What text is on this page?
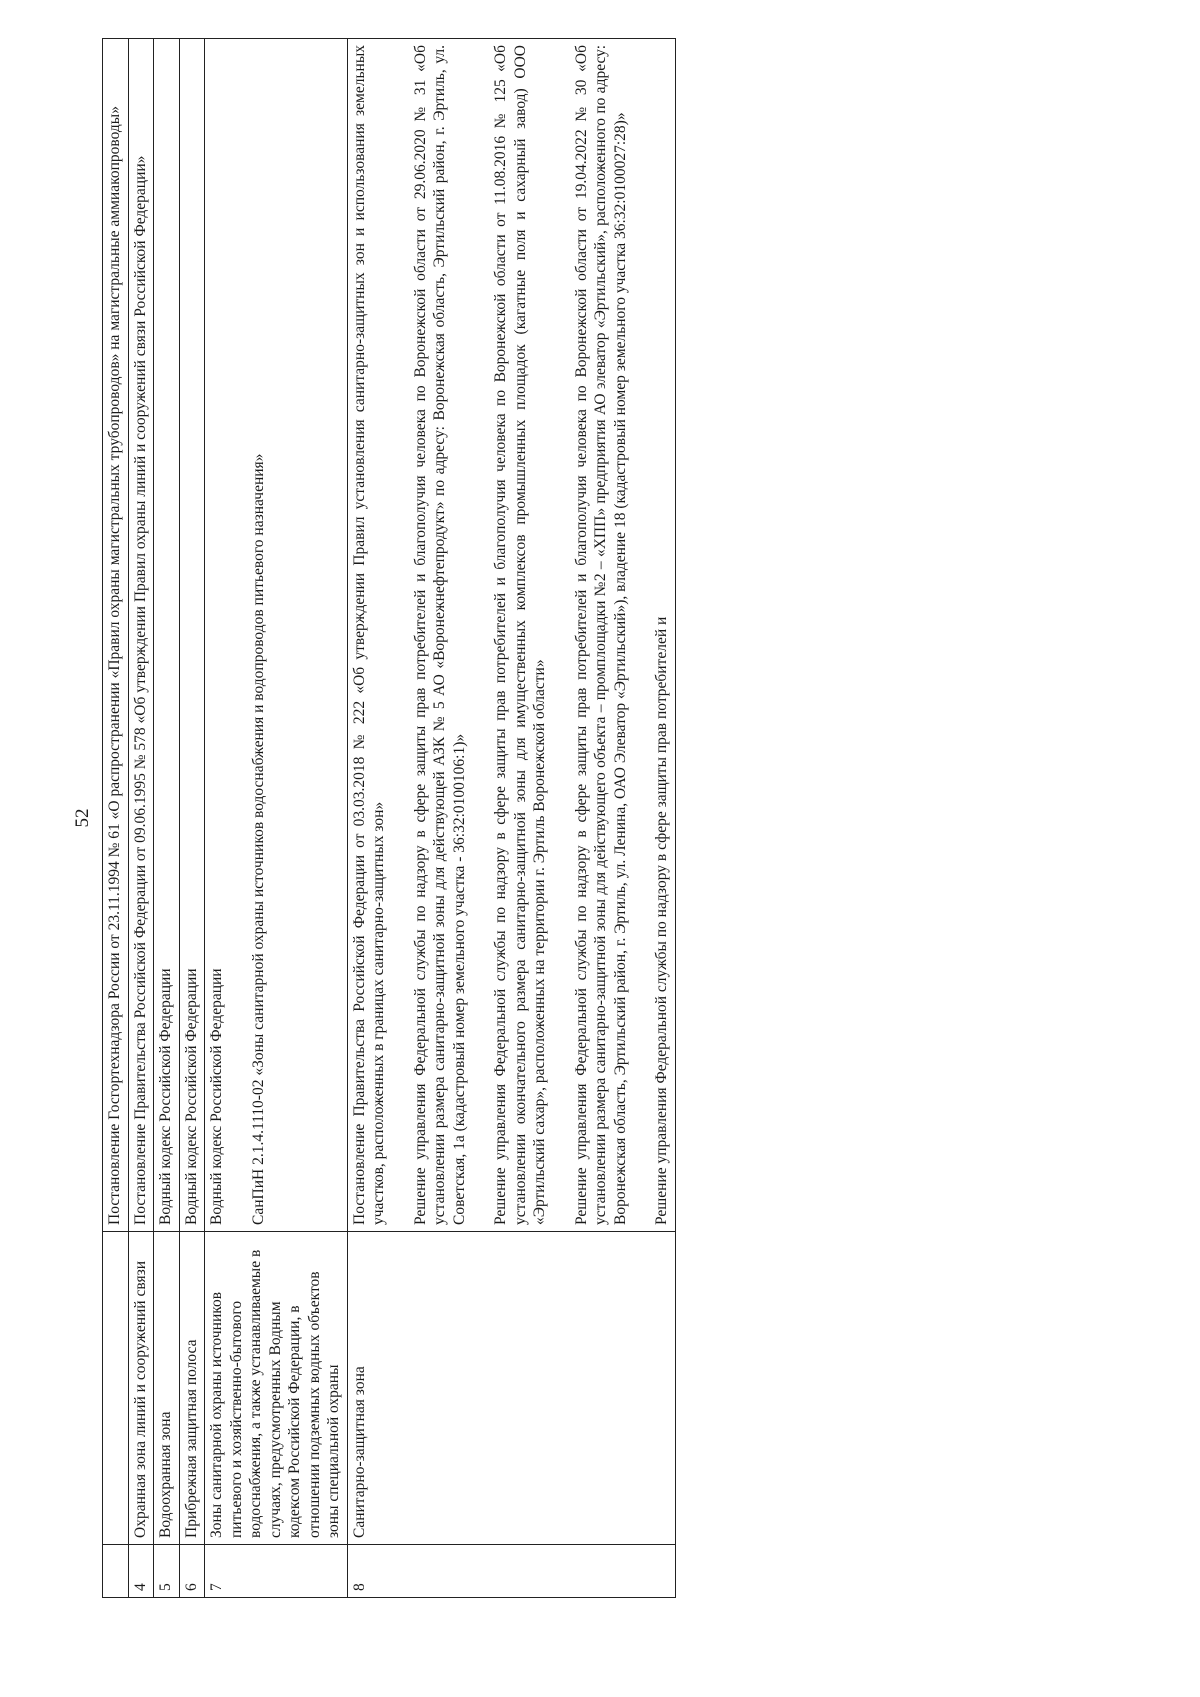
52

		Постановление Госгортехнадзора России от 23.11.1994 № 61 «О распространении «Правил охраны магистральных трубопроводов» на магистральные аммиакопроводы»

4	Охранная зона линий и сооружений связи	Постановление Правительства Российской Федерации от 09.06.1995 № 578 «Об утверждении Правил охраны линий и сооружений связи Российской Федерации»

5	Водоохранная зона	Водный кодекс Российской Федерации

6	Прибрежная защитная полоса	Водный кодекс Российской Федерации

7	Зоны санитарной охраны источников питьевого и хозяйственно-бытового водоснабжения, а также устанавливаемые в случаях, предусмотренных Водным кодексом Российской Федерации, в отношении подземных водных объектов зоны специальной охраны	Водный кодекс Российской Федерации СанПиН 2.1.4.1110-02 «Зоны санитарной охраны источников водоснабжения и водопроводов питьевого назначения»

8	Санитарно-защитная зона	Постановление Правительства Российской Федерации от 03.03.2018 № 222 «Об утверждении Правил установления санитарно-защитных зон и использования земельных участков, расположенных в границах санитарно-защитных зон» Решение управления Федеральной службы по надзору в сфере защиты прав потребителей и благополучия человека по Воронежской области от 29.06.2020 № 31 «Об установлении размера санитарно-защитной зоны для действующей АЗК № 5 АО «Воронежнефтепродукт» по адресу: Воронежская область, Эртильский район, г. Эртиль, ул. Советская, 1а (кадастровый номер земельного участка - 36:32:0100106:1)» Решение управления Федеральной службы по надзору в сфере защиты прав потребителей и благополучия человека по Воронежской области от 11.08.2016 № 125 «Об установлении окончательного размера санитарно-защитной зоны для имущественных комплексов промышленных площадок (кагатные поля и сахарный завод) ООО «Эртильский сахар», расположенных на территории г. Эртиль Воронежской области» Решение управления Федеральной службы по надзору в сфере защиты прав потребителей и благополучия человека по Воронежской области от 19.04.2022 № 30 «Об установлении размера санитарно-защитной зоны для действующего объекта – промплощадки №2 – «ХПП» предприятия АО элеватор «Эртильский», расположенного по адресу: Воронежская область, Эртильский район, г. Эртиль, ул. Ленина, ОАО Элеватор «Эртильский»), владение 18 (кадастровый номер земельного участка 36:32:0100027:28)» Решение управления Федеральной службы по надзору в сфере защиты прав потребителей и
